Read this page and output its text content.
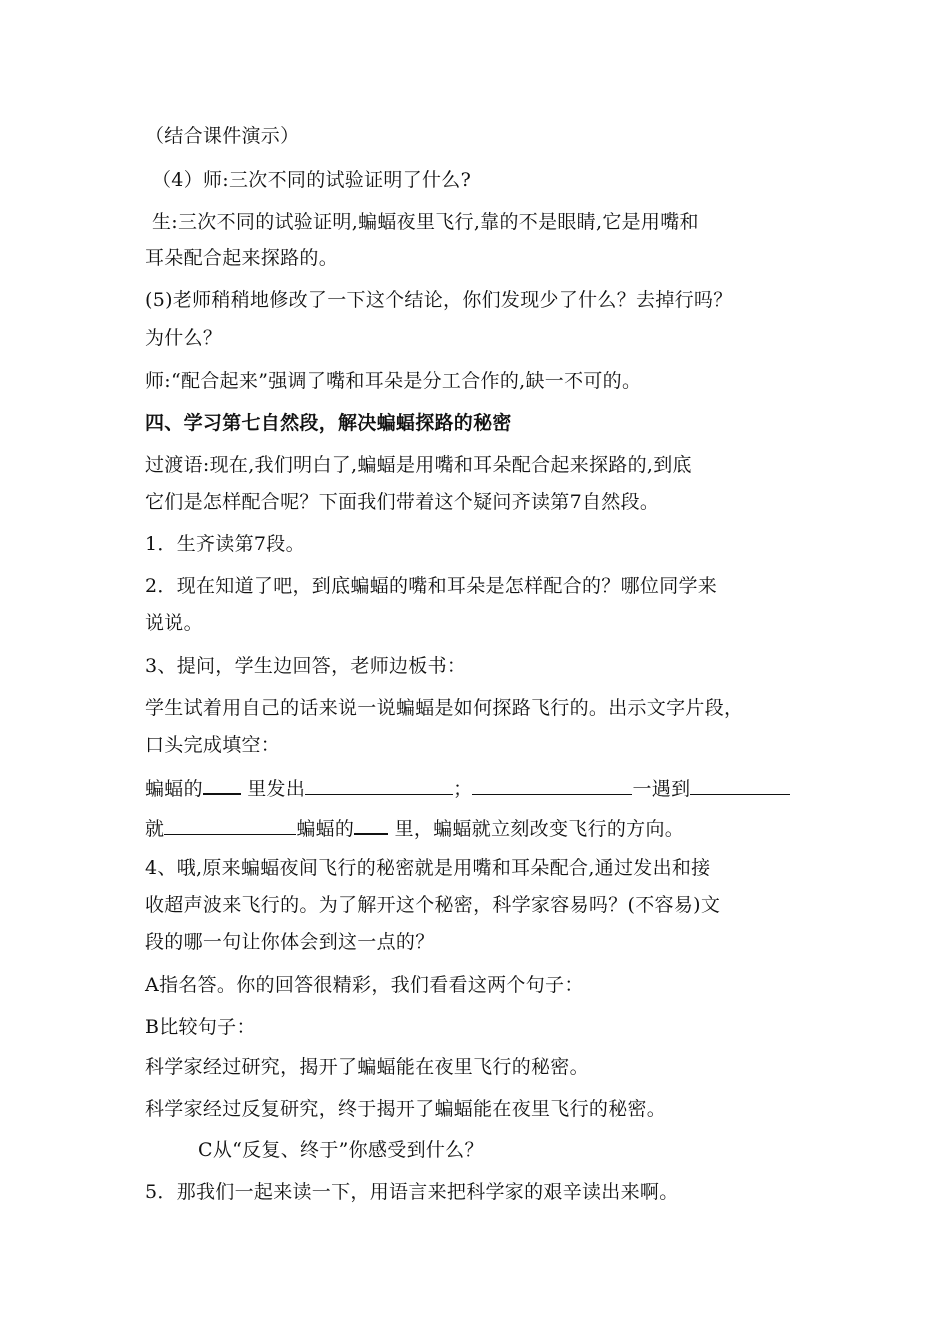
（结合课件演示）
（4）师:三次不同的试验证明了什么?
生:三次不同的试验证明,蝙蝠夜里飞行,靠的不是眼睛,它是用嘴和
耳朵配合起来探路的。
(5)老师稍稍地修改了一下这个结论，你们发现少了什么？去掉行吗？
为什么？
师:“配合起来”强调了嘴和耳朵是分工合作的,缺一不可的。
四、学习第七自然段，解决蝙蝠探路的秘密
过渡语:现在,我们明白了,蝙蝠是用嘴和耳朵配合起来探路的,到底
它们是怎样配合呢？下面我们带着这个疑问齐读第7自然段。
1．生齐读第7段。
2．现在知道了吧，到底蝙蝠的嘴和耳朵是怎样配合的？哪位同学来
说说。
3、提问，学生边回答，老师边板书：
学生试着用自己的话来说一说蝙蝠是如何探路飞行的。出示文字片段，
口头完成填空：
蝙蝠的 里发出	；	一遇到
就	蝙蝠的 里，蝙蝠就立刻改变飞行的方向。
4、哦,原来蝙蝠夜间飞行的秘密就是用嘴和耳朵配合,通过发出和接
收超声波来飞行的。为了解开这个秘密，科学家容易吗？(不容易)文
段的哪一句让你体会到这一点的？
A指名答。你的回答很精彩，我们看看这两个句子：
B比较句子：
科学家经过研究，揭开了蝙蝠能在夜里飞行的秘密。
科学家经过反复研究，终于揭开了蝙蝠能在夜里飞行的秘密。
C从“反复、终于”你感受到什么？
5．那我们一起来读一下，用语言来把科学家的艰辛读出来啊。
